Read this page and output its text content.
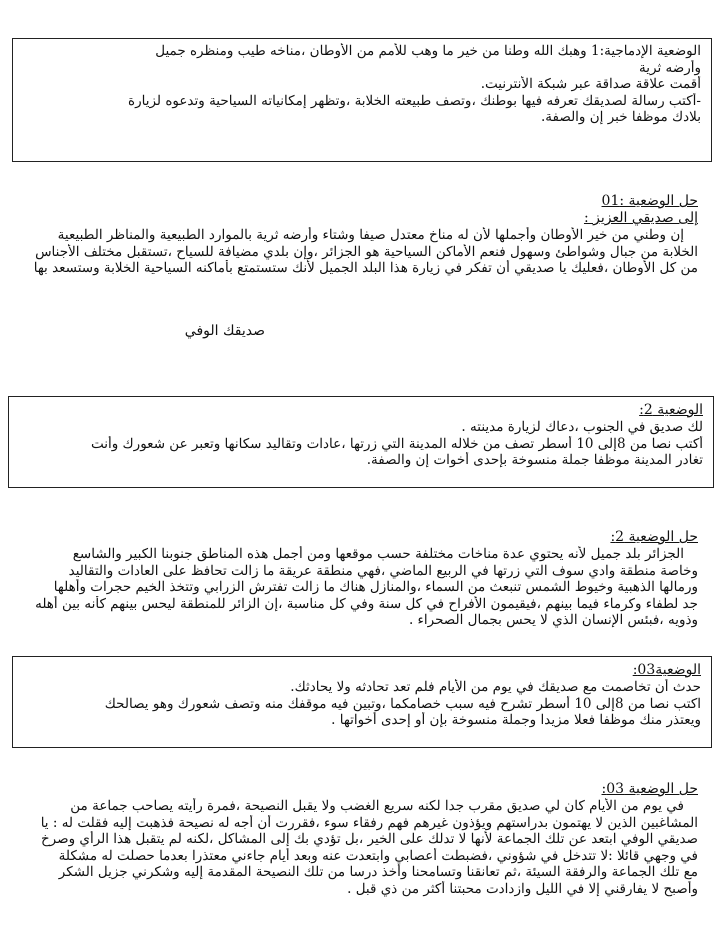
الوضعية الإدماجية:1 وهبك الله وطنا من خير ما وهب للأمم من الأوطان ،مناخه طيب ومنظره جميل

وأرضه ثرية

أقمت علاقة صداقة عبر شبكة الأنترنيت.

-أكتب رسالة لصديقك تعرفه فيها بوطنك ،وتصف طبيعته الخلابة ،وتظهر إمكانياته السياحية وتدعوه لزيارة

بلادك موظفا خبر إن والصفة.

حل الوضعية :01

إلى صديقي العزيز :

إن وطني من خير الأوطان وأجملها لأن له مناخ معتدل صيفا وشتاء وأرضه ثرية بالموارد الطبيعية والمناظر الطبيعية

الخلابة من جبال وشواطئ وسهول فنعم الأماكن السياحية هو الجزائر ،وإن بلدي مضيافة للسياح ،تستقبل مختلف الأجناس

من كل الأوطان ،فعليك يا صديقي أن تفكر في زيارة هذا البلد الجميل لأنك ستستمتع بأماكنه السياحية الخلابة وستسعد بها

صديقك الوفي

الوضعية 2:

لك صديق في الجنوب ،دعاك لزيارة مدينته .

أكتب نصا من 8إلى 10 أسطر تصف من خلاله المدينة التي زرتها ،عادات وتقاليد سكانها وتعبر عن شعورك وأنت

تغادر المدينة موظفا جملة منسوخة بإحدى أخوات إن والصفة.

حل الوضعية 2:

الجزائر بلد جميل لأنه يحتوي عدة مناخات مختلفة حسب موقعها ومن أجمل هذه المناطق جنوبنا الكبير والشاسع

وخاصة منطقة وادي سوف التي زرتها في الربيع الماضي ،فهي منطقة عريقة ما زالت تحافظ على العادات والتقاليد

ورمالها الذهبية وخيوط الشمس تنبعث من السماء ،والمنازل هناك ما زالت تفترش الزرابي وتتخذ الخيم حجرات وأهلها

جد لطفاء وكرماء فيما بينهم ،فيقيمون الأفراح في كل سنة وفي كل مناسبة ،إن الزائر للمنطقة ليحس بينهم كأنه بين أهله

وذويه ،فبئس الإنسان الذي لا يحس بجمال الصحراء .

الوضعية03:

حدث أن تخاصمت مع صديقك في يوم من الأيام فلم تعد تحادثه ولا يحادثك.

اكتب نصا من 8إلى 10 أسطر تشرح فيه سبب خصامكما ،وتبين فيه موقفك منه وتصف شعورك وهو يصالحك

ويعتذر منك موظفا فعلا مزيدا وجملة منسوخة بإن أو إحدى أخواتها .

حل الوضعية 03:

في يوم من الأيام كان لي صديق مقرب جدا لكنه سريع الغضب ولا يقبل النصيحة ،فمرة رأيته يصاحب جماعة من

المشاغبين الذين لا يهتمون بدراستهم ويؤذون غيرهم فهم رفقاء سوء ،فقررت أن أجه له نصيحة فذهبت إليه فقلت له : يا

صديقي الوفي ابتعد عن تلك الجماعة لأنها لا تدلك على الخير ،بل تؤدي بك إلى المشاكل ،لكنه لم يتقبل هذا الرأي وصرخ

في وجهي قائلا :لا تتدخل في شؤوني ،فضبطت أعصابي وابتعدت عنه وبعد أيام جاءني معتذرا بعدما حصلت له مشكلة

مع تلك الجماعة والرفقة السيئة ،ثم تعانقنا وتسامحنا وأخذ درسا من تلك النصيحة المقدمة إليه وشكرني جزيل الشكر

وأصبح لا يفارقني إلا في الليل وازدادت محبتنا أكثر من ذي قبل .
